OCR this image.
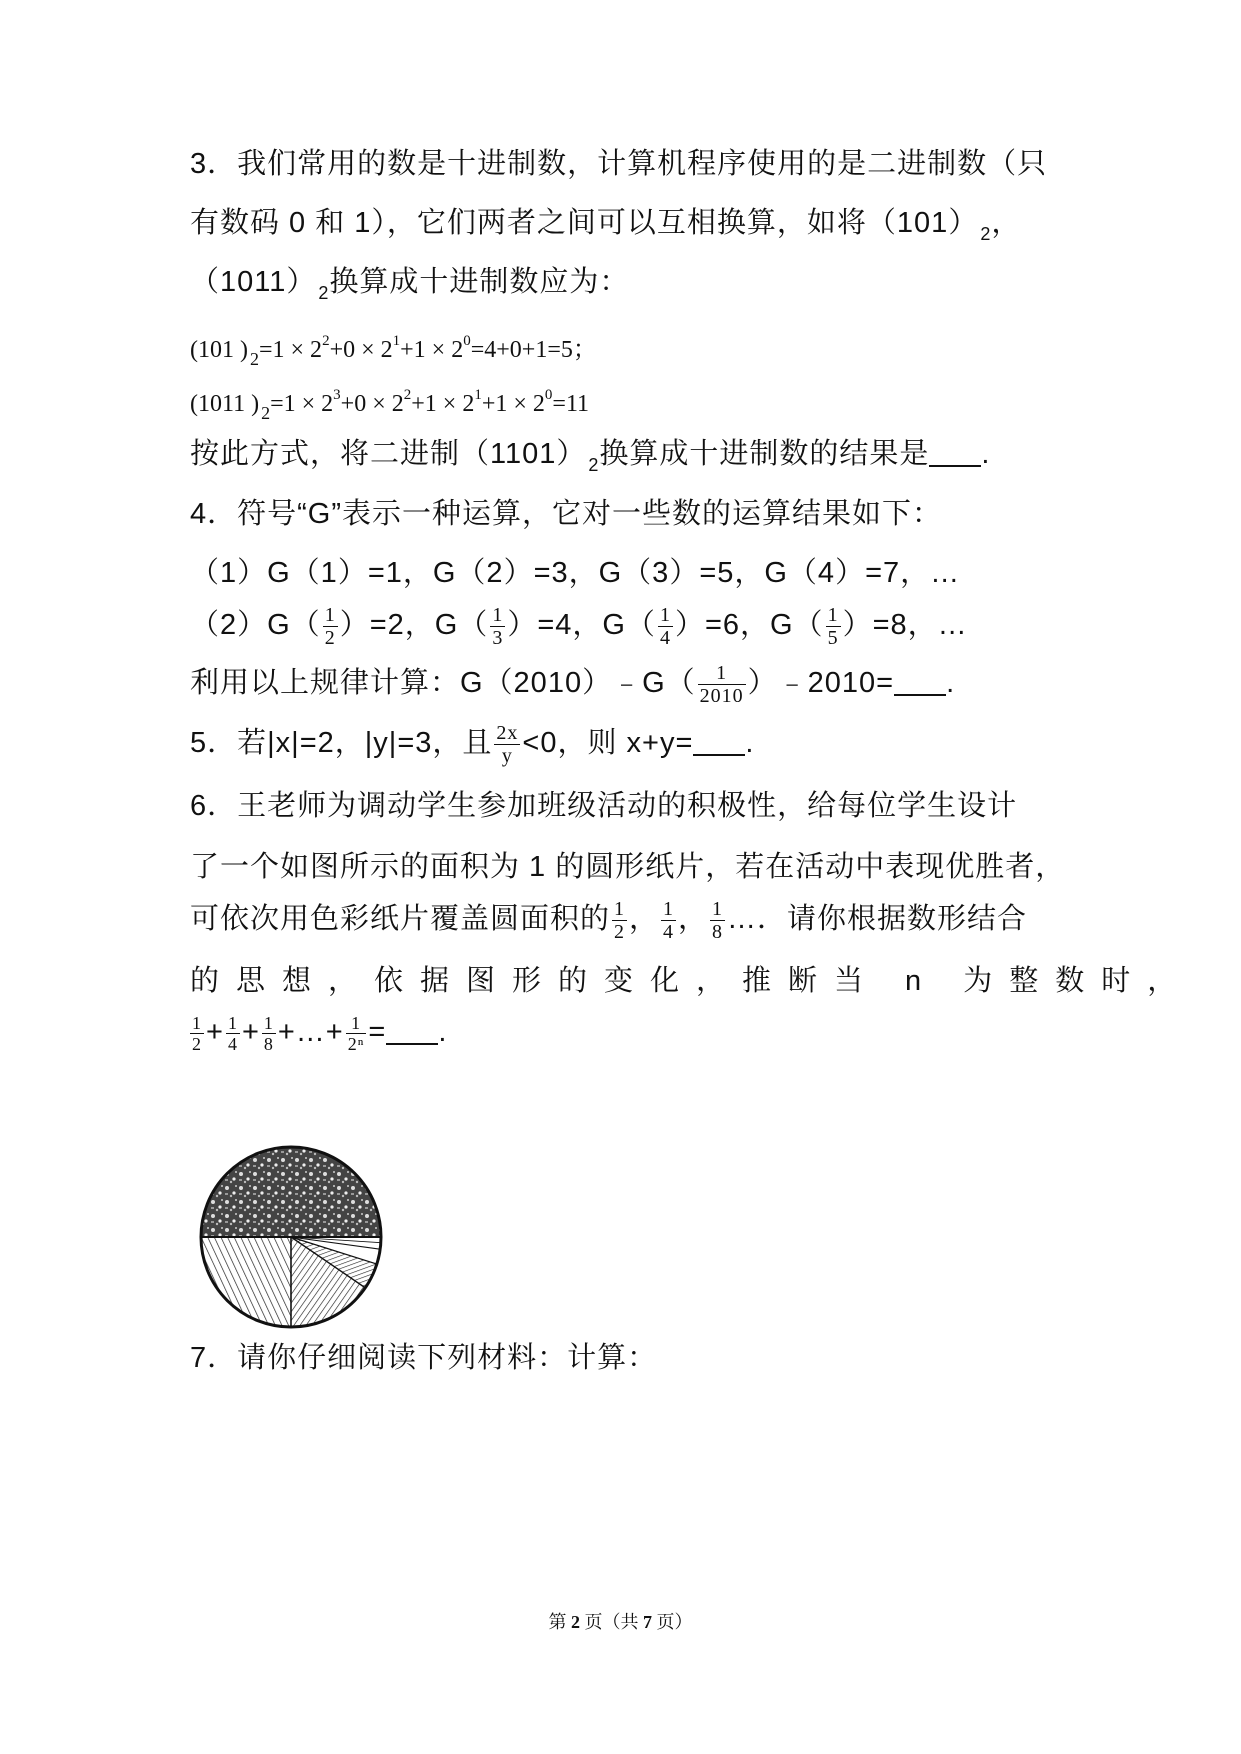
3．我们常用的数是十进制数，计算机程序使用的是二进制数（只
有数码 0 和 1），它们两者之间可以互相换算，如将（101） $_2$，
（1011） $_2$换算成十进制数应为：
(101 ) $_2=1 \times 2^2+0 \times 2^1+1 \times 2^0=4+0+1=5$；
(1011 ) $_2=1 \times 2^3+0 \times 2^2+1 \times 2^1+1 \times 2^0=11$
按此方式，将二进制（1101） $_2$换算成十进制数的结果是 .
4．符号“G”表示一种运算，它对一些数的运算结果如下：
（1）G（1）=1，G（2）=3，G（3）=5，G（4）=7，…
$(2)G( \frac{1}{2} )=2$，$G( \frac{1}{3} )=4$，$G( \frac{1}{4} )=6$，$G( \frac{1}{5} )=8$，…
利用以上规律计算：G（2010）﹣G（ $\frac{1}{2010}$ ）﹣2010= .
5．若|x|=2，|y|=3，且 $\frac{2x}{y} <0$，则 x+y= .
6．王老师为调动学生参加班级活动的积极性，给每位学生设计
了一个如图所示的面积为 1 的圆形纸片，若在活动中表现优胜者，
可依次用色彩纸片覆盖圆面积的 $\frac{1}{2}$ ， $\frac{1}{4}$ ， $\frac{1}{8}$ …．请你根据数形结合
的思想，依据图形的变化，推断当 n 为整数时，
$\frac{1}{2} + \frac{1}{4} + \frac{1}{8}$ +…+ $\frac{1}{\text{2ⁿ}}$ = .
7．请你仔细阅读下列材料：计算：
第 2 页（共 7 页）
